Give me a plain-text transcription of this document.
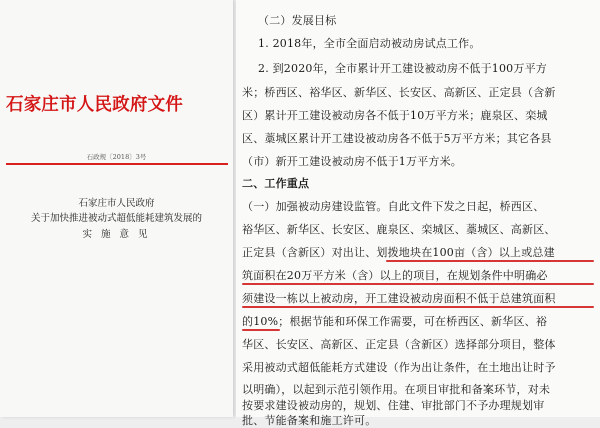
石家庄市人民政府文件
石政规〔2018〕3号
石家庄市人民政府
关于加快推进被动式超低能耗建筑发展的
实 施 意 见
（二）发展目标
1. 2018年，全市全面启动被动房试点工作。
2. 到2020年，全市累计开工建设被动房不低于100万平方
米；桥西区、裕华区、新华区、长安区、高新区、正定县（含新
区）累计开工建设被动房各不低于10万平方米；鹿泉区、栾城
区、藁城区累计开工建设被动房各不低于5万平方米；其它各县
（市）新开工建设被动房不低于1万平方米。
二、工作重点
（一）加强被动房建设监管。自此文件下发之日起，桥西区、
裕华区、新华区、长安区、鹿泉区、栾城区、藁城区、高新区、
正定县（含新区）对出让、划拨地块在100亩（含）以上或总建
筑面积在20万平方米（含）以上的项目，在规划条件中明确必
须建设一栋以上被动房，开工建设被动房面积不低于总建筑面积
的10%；根据节能和环保工作需要，可在桥西区、新华区、裕
华区、长安区、高新区、正定县（含新区）选择部分项目，整体
采用被动式超低能耗方式建设（作为出让条件，在土地出让时予
以明确），以起到示范引领作用。在项目审批和备案环节，对未
按要求建设被动房的，规划、住建、审批部门不予办理规划审
批、节能备案和施工许可。
